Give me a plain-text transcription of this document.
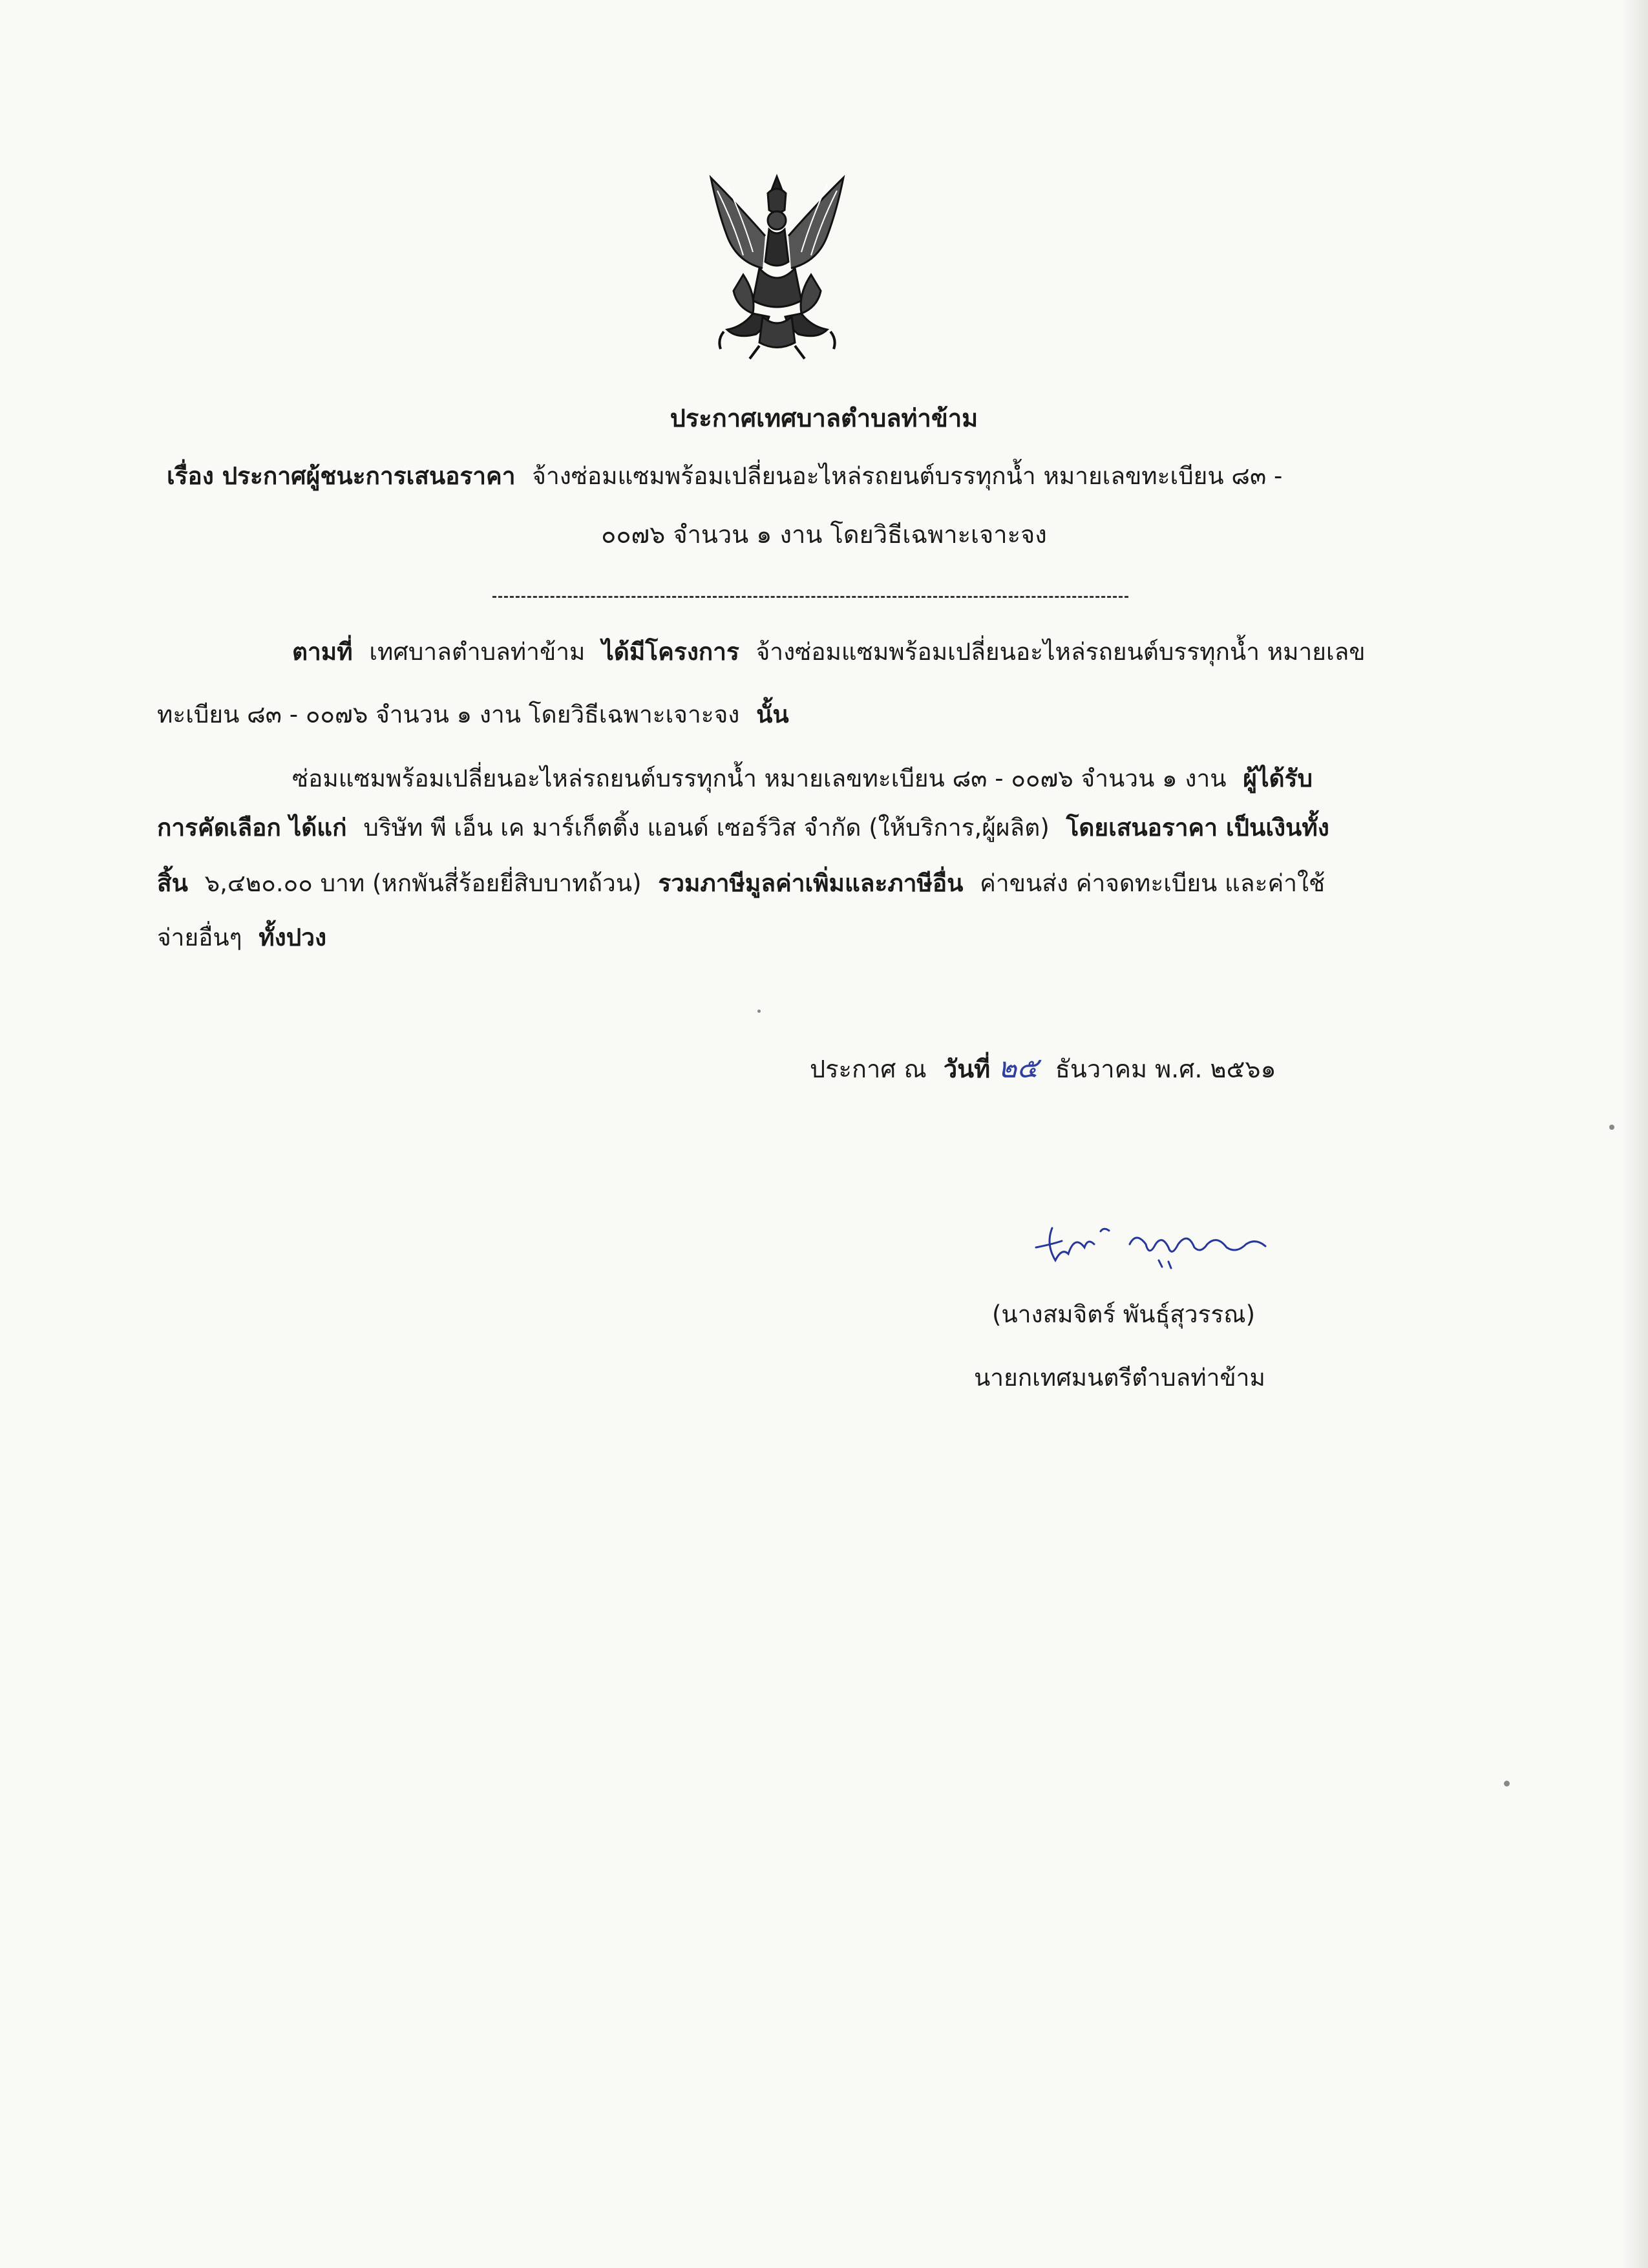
ประกาศเทศบาลตำบลท่าข้าม
เรื่อง ประกาศผู้ชนะการเสนอราคา จ้างซ่อมแซมพร้อมเปลี่ยนอะไหล่รถยนต์บรรทุกน้ำ หมายเลขทะเบียน ๘๓ -
๐๐๗๖ จำนวน ๑ งาน โดยวิธีเฉพาะเจาะจง
ตามที่ เทศบาลตำบลท่าข้าม ได้มีโครงการ จ้างซ่อมแซมพร้อมเปลี่ยนอะไหล่รถยนต์บรรทุกน้ำ หมายเลข
ทะเบียน ๘๓ - ๐๐๗๖ จำนวน ๑ งาน โดยวิธีเฉพาะเจาะจง นั้น
ซ่อมแซมพร้อมเปลี่ยนอะไหล่รถยนต์บรรทุกน้ำ หมายเลขทะเบียน ๘๓ - ๐๐๗๖ จำนวน ๑ งาน ผู้ได้รับ
การคัดเลือก ได้แก่ บริษัท พี เอ็น เค มาร์เก็ตติ้ง แอนด์ เซอร์วิส จำกัด (ให้บริการ,ผู้ผลิต) โดยเสนอราคา เป็นเงินทั้ง
สิ้น ๖,๔๒๐.๐๐ บาท (หกพันสี่ร้อยยี่สิบบาทถ้วน) รวมภาษีมูลค่าเพิ่มและภาษีอื่น ค่าขนส่ง ค่าจดทะเบียน และค่าใช้
จ่ายอื่นๆ ทั้งปวง
ประกาศ ณ วันที่ ๒๕ ธันวาคม พ.ศ. ๒๕๖๑
(นางสมจิตร์ พันธุ์สุวรรณ)
นายกเทศมนตรีตำบลท่าข้าม
